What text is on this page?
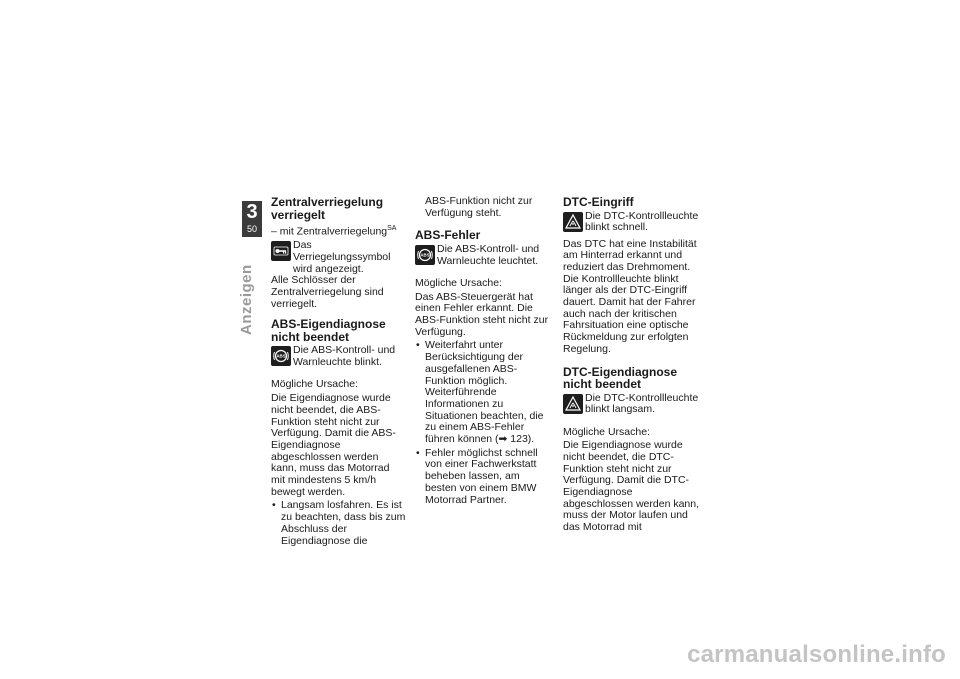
3
50
Anzeigen
Zentralverriegelung verriegelt

– mit Zentralverriegelung$^{SA}$

Das Verriegelungssymbol wird angezeigt.

Alle Schlösser der Zentralverriegelung sind verriegelt.

ABS-Eigendiagnose nicht beendet
ABS
Die ABS-Kontroll- und Warnleuchte blinkt.

Mögliche Ursache:

Die Eigendiagnose wurde nicht beendet, die ABS-Funktion steht nicht zur Verfügung. Damit die ABS-Eigendiagnose abgeschlossen werden kann, muss das Motorrad mit mindestens 5 km/h bewegt werden.

• Langsam losfahren. Es ist zu beachten, dass bis zum Abschluss der Eigendiagnose die

ABS-Funktion nicht zur Verfügung steht.

ABS-Fehler
ABS
Die ABS-Kontroll- und Warnleuchte leuchtet.

Mögliche Ursache:

Das ABS-Steuergerät hat einen Fehler erkannt. Die ABS-Funktion steht nicht zur Verfügung.

• Weiterfahrt unter Berücksichtigung der ausgefallenen ABS-Funktion möglich. Weiterführende Informationen zu Situationen beachten, die zu einem ABS-Fehler führen können (➡ 123).
• Fehler möglichst schnell von einer Fachwerkstatt beheben lassen, am besten von einem BMW Motorrad Partner.
DTC-Eingriff
Die DTC-Kontrollleuchte blinkt schnell.

Das DTC hat eine Instabilität am Hinterrad erkannt und reduziert das Drehmoment. Die Kontrollleuchte blinkt länger als der DTC-Eingriff dauert. Damit hat der Fahrer auch nach der kritischen Fahrsituation eine optische Rückmeldung zur erfolgten Regelung.

DTC-Eigendiagnose nicht beendet
Die DTC-Kontrollleuchte blinkt langsam.

Mögliche Ursache:

Die Eigendiagnose wurde nicht beendet, die DTC-Funktion steht nicht zur Verfügung. Damit die DTC-Eigendiagnose abgeschlossen werden kann, muss der Motor laufen und das Motorrad mit

carmanualsonline.info
